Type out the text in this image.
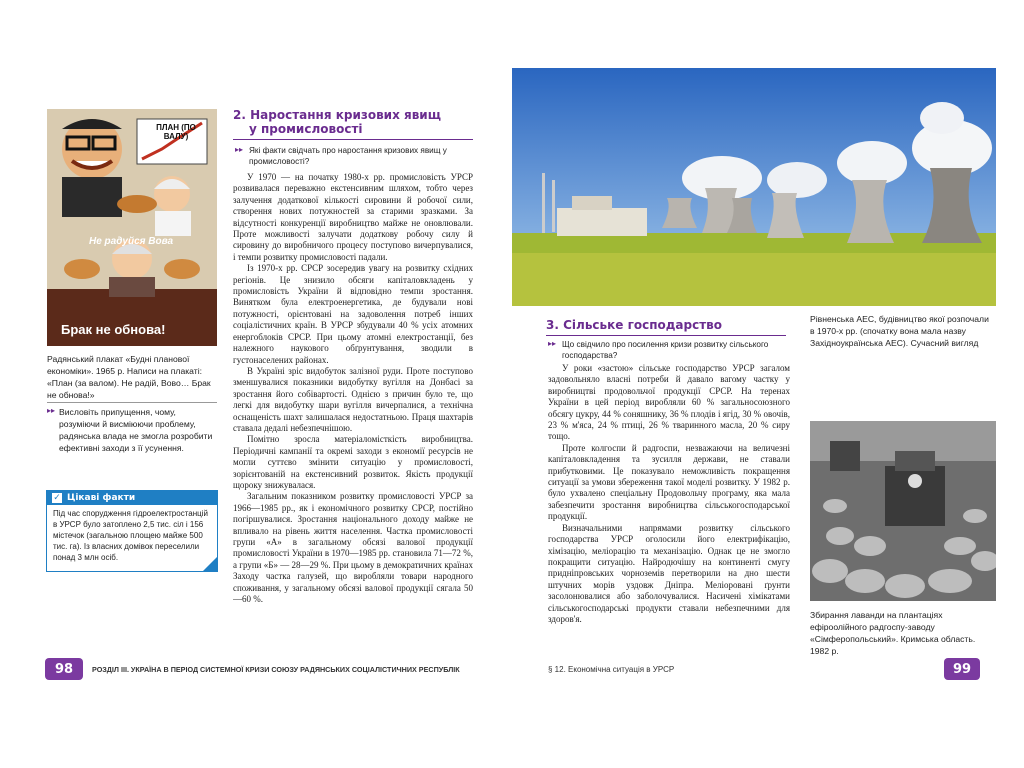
ПЛАН (ПО ВАЛУ)
Не радуйся Вова
Брак не обнова!
Радянський плакат «Будні планової економіки». 1965 р. Написи на плакаті: «План (за валом). Не радій, Вово… Брак не обнова!»
▸▸ Висловіть припущення, чому, розуміючи й висміюючи проблему, радянська влада не змогла розробити ефективні заходи з її усунення.
✓ Цікаві факти
Під час спорудження гідроелектростанцій в УРСР було затоплено 2,5 тис. сіл і 156 містечок (загальною площею майже 500 тис. га). Із власних домівок переселили понад 3 млн осіб.
2. Наростання кризових явищ
у промисловості
▸▸ Які факти свідчать про наростання кризових явищ у промисловості?

У 1970 — на початку 1980-х рр. промисловість УРСР розвивалася переважно екстенсивним шляхом, тобто через залучення додаткової кількості сировини й робочої сили, створення нових потужностей за старими зразками. За відсутності конкуренції виробництво майже не оновлювали. Проте можливості залучати додаткову робочу силу й сировину до виробничого процесу поступово вичерпувалися, і темпи розвитку промисловості падали.

Із 1970-х рр. СРСР зосередив увагу на розвитку східних регіонів. Це знизило обсяги капіталовкладень у промисловість України й відповідно темпи зростання. Винятком була електроенергетика, де будували нові потужності, орієнтовані на задоволення потреб інших соціалістичних країн. В УРСР збудували 40 % усіх атомних енергоблоків СРСР. При цьому атомні електростанції, без належного наукового обґрунтування, зводили в густонаселених районах.

В Україні зріс видобуток залізної руди. Проте поступово зменшувалися показники видобутку вугілля на Донбасі за зростання його собівартості. Однією з причин було те, що легкі для видобутку шари вугілля вичерпалися, а технічна оснащеність шахт залишалася недостатньою. Праця шахтарів ставала дедалі небезпечнішою.

Помітно зросла матеріаломісткість виробництва. Періодичні кампанії та окремі заходи з економії ресурсів не могли суттєво змінити ситуацію у промисловості, зорієнтованій на екстенсивний розвиток. Якість продукції щороку знижувалася.

Загальним показником розвитку промисловості УРСР за 1966—1985 рр., як і економічного розвитку СРСР, постійно погіршувалися. Зростання національного доходу майже не впливало на рівень життя населення. Частка промисловості групи «А» в загальному обсязі валової продукції промисловості України в 1970—1985 рр. становила 71—72 %, а групи «Б» — 28—29 %. При цьому в демократичних країнах Заходу частка галузей, що виробляли товари народного споживання, у загальному обсязі валової продукції сягала 50—60 %.

98	РОЗДІЛ ІІІ. УКРАЇНА В ПЕРІОД СИСТЕМНОЇ КРИЗИ СОЮЗУ РАДЯНСЬКИХ СОЦІАЛІСТИЧНИХ РЕСПУБЛІК
Рівненська АЕС, будівництво якої розпочали в 1970-х рр. (спочатку вона мала назву Західноукраїнська АЕС). Сучасний вигляд
3. Сільське господарство
▸▸ Що свідчило про посилення кризи розвитку сільського господарства?

У роки «застою» сільське господарство УРСР загалом задовольняло власні потреби й давало вагому частку у виробництві продовольчої продукції СРСР. На теренах України в цей період виробляли 60 % загальносоюзного обсягу цукру, 44 % соняшнику, 36 % плодів і ягід, 30 % овочів, 23 % м'яса, 24 % птиці, 26 % тваринного масла, 20 % сиру тощо.

Проте колгоспи й радгоспи, незважаючи на величезні капіталовкладення та зусилля держави, не ставали прибутковими. Це показувало неможливість покращення ситуації за умови збереження такої моделі розвитку. У 1982 р. було ухвалено спеціальну Продовольчу програму, яка мала забезпечити зростання виробництва сільськогосподарської продукції.

Визначальними напрямами розвитку сільського господарства УРСР оголосили його електрифікацію, хімізацію, меліорацію та механізацію. Однак це не змогло покращити ситуацію. Найродючішу на континенті смугу придніпровських чорноземів перетворили на дно шести штучних морів уздовж Дніпра. Меліоровані ґрунти засолонювалися або заболочувалися. Насичені хімікатами сільськогосподарські продукти ставали небезпечними для здоров'я.	Збирання лаванди на плантаціях ефіроолійного радгоспу-заводу «Сімферопольський». Кримська область. 1982 р.
§ 12. Економічна ситуація в УРСР	99
